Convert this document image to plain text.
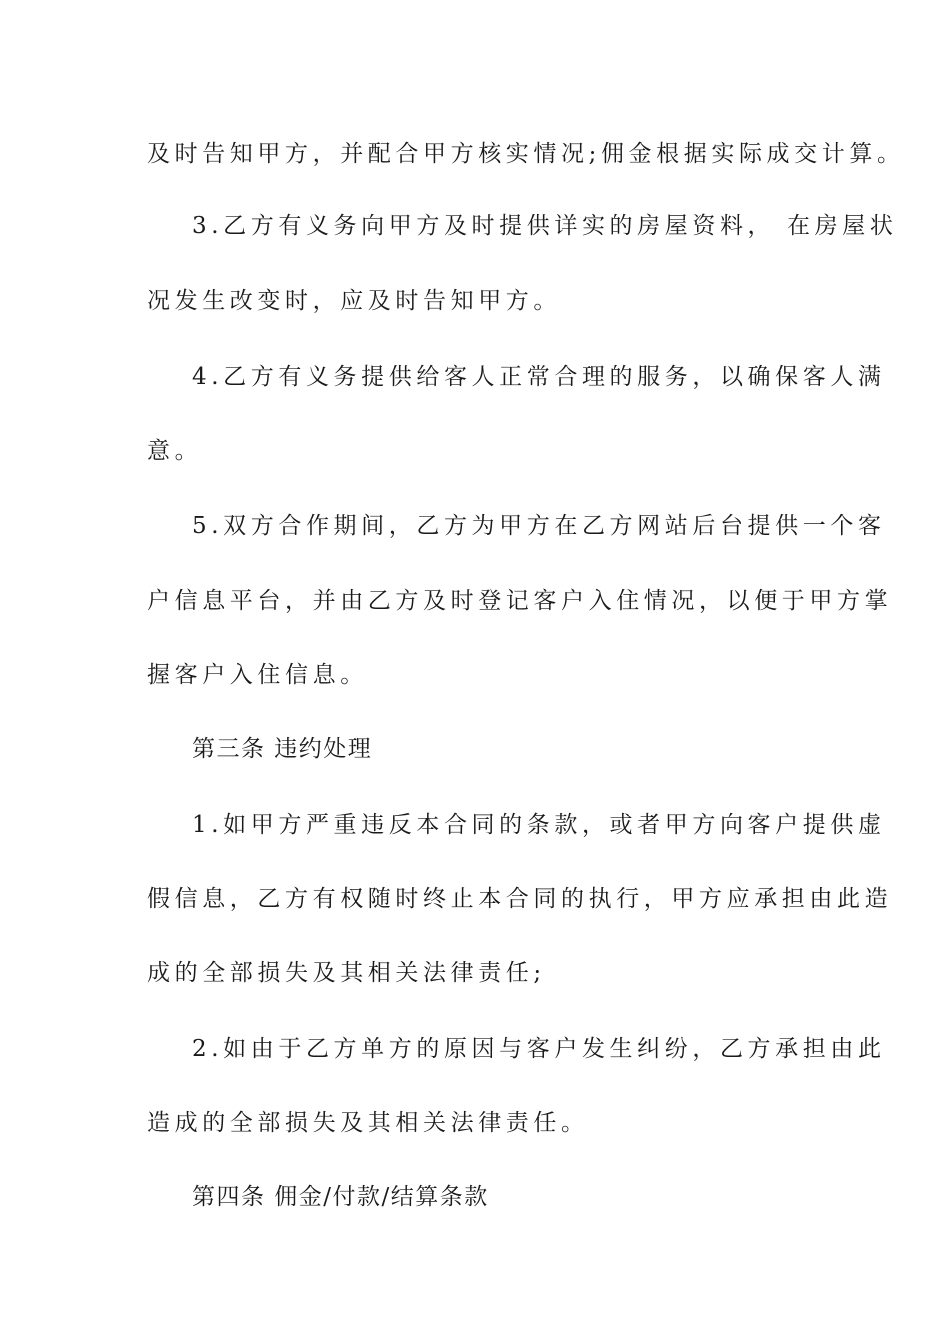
及时告知甲方，并配合甲方核实情况;佣金根据实际成交计算。
3.乙方有义务向甲方及时提供详实的房屋资料， 在房屋状
况发生改变时，应及时告知甲方。
4.乙方有义务提供给客人正常合理的服务，以确保客人满
意。
5.双方合作期间，乙方为甲方在乙方网站后台提供一个客
户信息平台，并由乙方及时登记客户入住情况，以便于甲方掌
握客户入住信息。
第三条 违约处理
1.如甲方严重违反本合同的条款，或者甲方向客户提供虚
假信息，乙方有权随时终止本合同的执行，甲方应承担由此造
成的全部损失及其相关法律责任;
2.如由于乙方单方的原因与客户发生纠纷，乙方承担由此
造成的全部损失及其相关法律责任。
第四条 佣金/付款/结算条款
